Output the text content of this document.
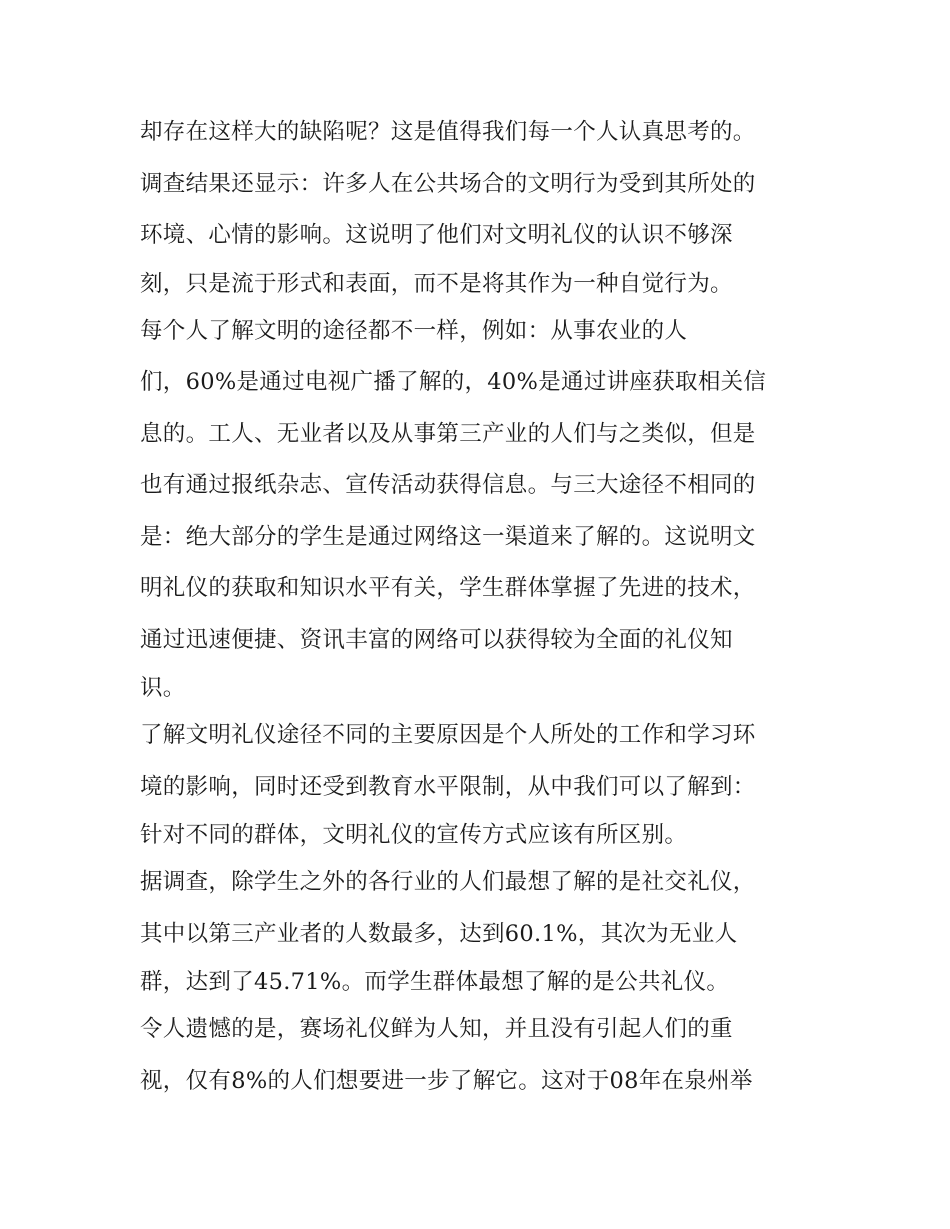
却存在这样大的缺陷呢？这是值得我们每一个人认真思考的。
调查结果还显示：许多人在公共场合的文明行为受到其所处的
环境、心情的影响。这说明了他们对文明礼仪的认识不够深
刻，只是流于形式和表面，而不是将其作为一种自觉行为。
每个人了解文明的途径都不一样，例如：从事农业的人
们，60%是通过电视广播了解的，40%是通过讲座获取相关信
息的。工人、无业者以及从事第三产业的人们与之类似，但是
也有通过报纸杂志、宣传活动获得信息。与三大途径不相同的
是：绝大部分的学生是通过网络这一渠道来了解的。这说明文
明礼仪的获取和知识水平有关，学生群体掌握了先进的技术，
通过迅速便捷、资讯丰富的网络可以获得较为全面的礼仪知
识。
了解文明礼仪途径不同的主要原因是个人所处的工作和学习环
境的影响，同时还受到教育水平限制，从中我们可以了解到：
针对不同的群体，文明礼仪的宣传方式应该有所区别。
据调查，除学生之外的各行业的人们最想了解的是社交礼仪，
其中以第三产业者的人数最多，达到60.1%，其次为无业人
群，达到了45.71%。而学生群体最想了解的是公共礼仪。
令人遗憾的是，赛场礼仪鲜为人知，并且没有引起人们的重
视，仅有8%的人们想要进一步了解它。这对于08年在泉州举
